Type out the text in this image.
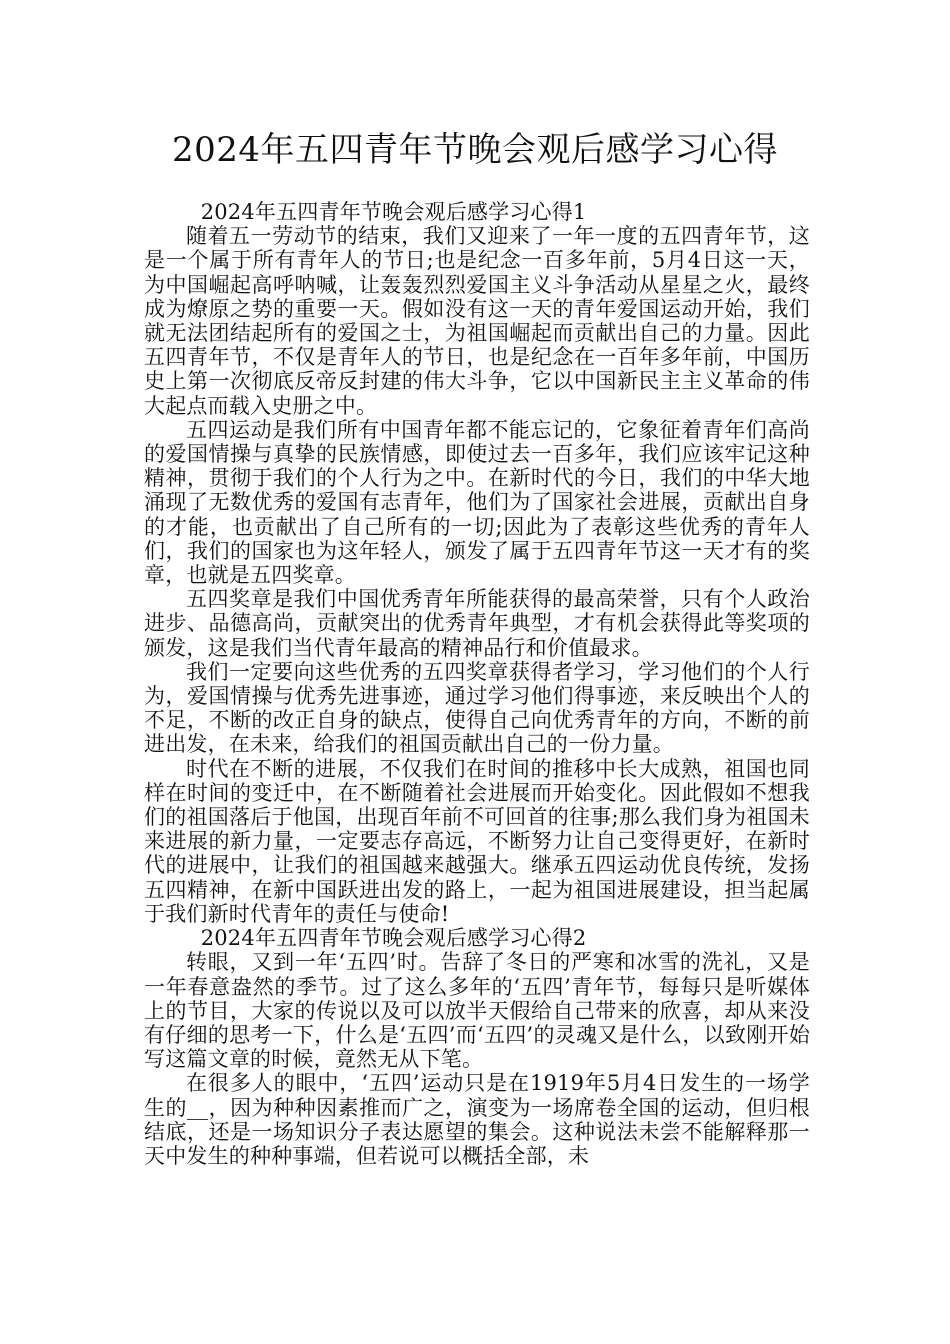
2024年五四青年节晚会观后感学习心得

2024年五四青年节晚会观后感学习心得1

随着五一劳动节的结束，我们又迎来了一年一度的五四青年节，这是一个属于所有青年人的节日;也是纪念一百多年前，5月4日这一天，为中国崛起高呼呐喊，让轰轰烈烈爱国主义斗争活动从星星之火，最终成为燎原之势的重要一天。假如没有这一天的青年爱国运动开始，我们就无法团结起所有的爱国之士，为祖国崛起而贡献出自己的力量。因此五四青年节，不仅是青年人的节日，也是纪念在一百年多年前，中国历史上第一次彻底反帝反封建的伟大斗争，它以中国新民主主义革命的伟大起点而载入史册之中。

五四运动是我们所有中国青年都不能忘记的，它象征着青年们高尚的爱国情操与真挚的民族情感，即使过去一百多年，我们应该牢记这种精神，贯彻于我们的个人行为之中。在新时代的今日，我们的中华大地涌现了无数优秀的爱国有志青年，他们为了国家社会进展，贡献出自身的才能，也贡献出了自己所有的一切;因此为了表彰这些优秀的青年人们，我们的国家也为这年轻人，颁发了属于五四青年节这一天才有的奖章，也就是五四奖章。

五四奖章是我们中国优秀青年所能获得的最高荣誉，只有个人政治进步、品德高尚，贡献突出的优秀青年典型，才有机会获得此等奖项的颁发，这是我们当代青年最高的精神品行和价值最求。

我们一定要向这些优秀的五四奖章获得者学习，学习他们的个人行为，爱国情操与优秀先进事迹，通过学习他们得事迹，来反映出个人的不足，不断的改正自身的缺点，使得自己向优秀青年的方向，不断的前进出发，在未来，给我们的祖国贡献出自己的一份力量。

时代在不断的进展，不仅我们在时间的推移中长大成熟，祖国也同样在时间的变迁中，在不断随着社会进展而开始变化。因此假如不想我们的祖国落后于他国，出现百年前不可回首的往事;那么我们身为祖国未来进展的新力量，一定要志存高远，不断努力让自己变得更好，在新时代的进展中，让我们的祖国越来越强大。继承五四运动优良传统，发扬五四精神，在新中国跃进出发的路上，一起为祖国进展建设，担当起属于我们新时代青年的责任与使命!

2024年五四青年节晚会观后感学习心得2

转眼，又到一年‘五四’时。告辞了冬日的严寒和冰雪的洗礼，又是一年春意盎然的季节。过了这么多年的‘五四’青年节，每每只是听媒体上的节目，大家的传说以及可以放半天假给自己带来的欣喜，却从来没有仔细的思考一下，什么是‘五四’而‘五四’的灵魂又是什么，以致刚开始写这篇文章的时候，竟然无从下笔。

在很多人的眼中，‘五四’运动只是在1919年5月4日发生的一场学生的__，因为种种因素推而广之，演变为一场席卷全国的运动，但归根结底，还是一场知识分子表达愿望的集会。这种说法未尝不能解释那一天中发生的种种事端，但若说可以概括全部，未
